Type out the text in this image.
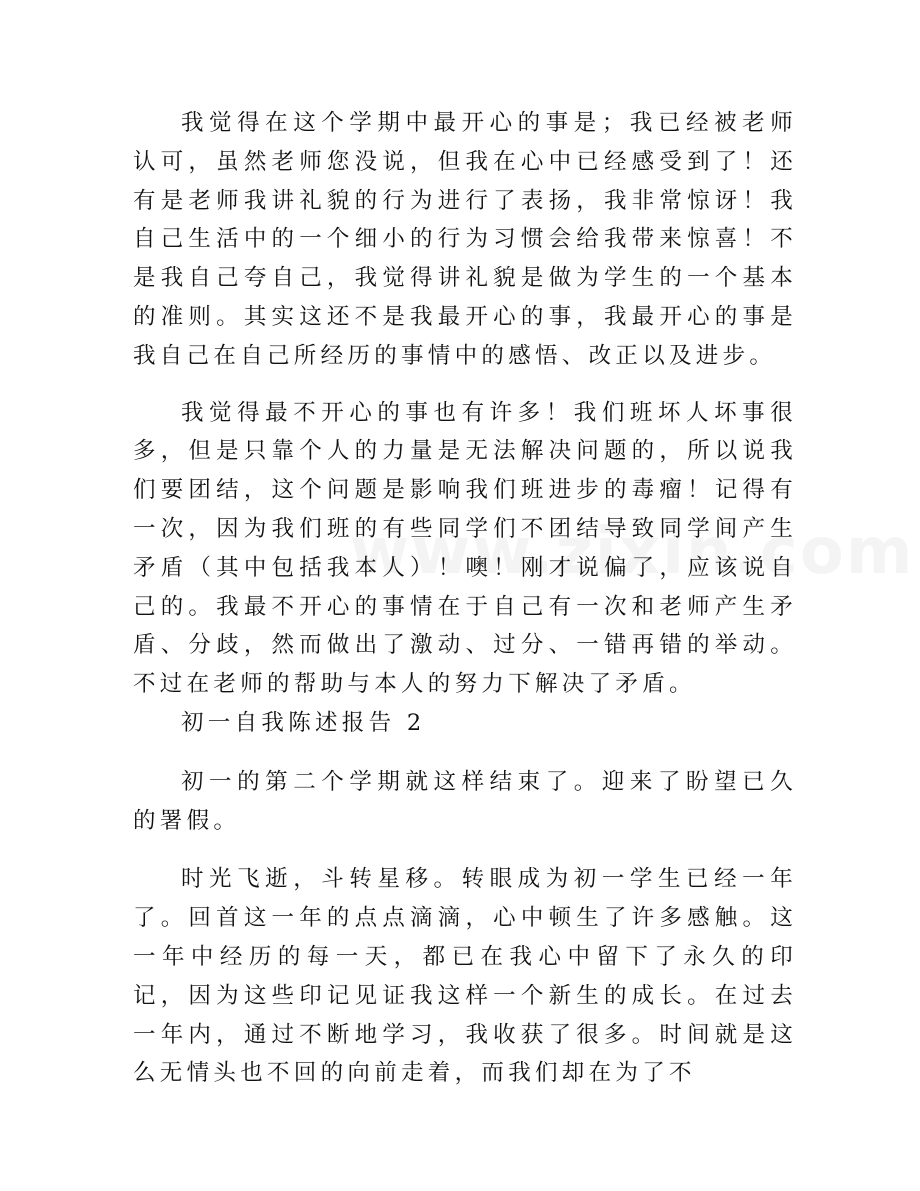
我觉得在这个学期中最开心的事是；我已经被老师认可，虽然老师您没说，但我在心中已经感受到了！还有是老师我讲礼貌的行为进行了表扬，我非常惊讶！我自己生活中的一个细小的行为习惯会给我带来惊喜！不是我自己夸自己，我觉得讲礼貌是做为学生的一个基本的准则。其实这还不是我最开心的事，我最开心的事是我自己在自己所经历的事情中的感悟、改正以及进步。

我觉得最不开心的事也有许多！我们班坏人坏事很多，但是只靠个人的力量是无法解决问题的，所以说我们要团结，这个问题是影响我们班进步的毒瘤！记得有一次，因为我们班的有些同学们不团结导致同学间产生矛盾（其中包括我本人）！噢！刚才说偏了，应该说自己的。我最不开心的事情在于自己有一次和老师产生矛盾、分歧，然而做出了激动、过分、一错再错的举动。不过在老师的帮助与本人的努力下解决了矛盾。

初一自我陈述报告 2

初一的第二个学期就这样结束了。迎来了盼望已久的署假。

时光飞逝，斗转星移。转眼成为初一学生已经一年了。回首这一年的点点滴滴，心中顿生了许多感触。这一年中经历的每一天，都已在我心中留下了永久的印记，因为这些印记见证我这样一个新生的成长。在过去一年内，通过不断地学习，我收获了很多。时间就是这么无情头也不回的向前走着，而我们却在为了不
